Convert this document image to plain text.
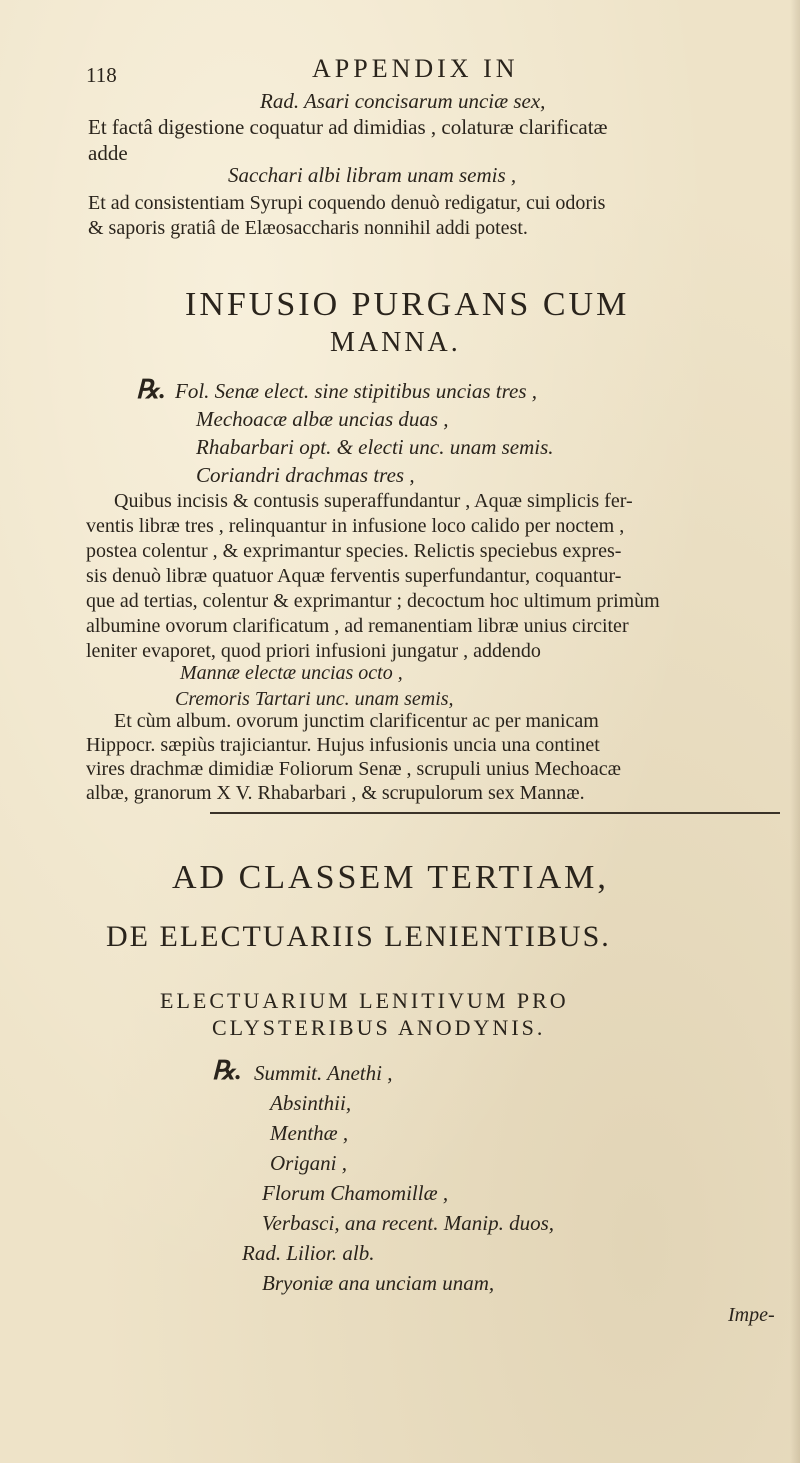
118	APPENDIX IN
Rad. Asari concisarum unciæ sex,
Et factâ digestione coquatur ad dimidias , colaturæ clarificatæ
adde
Sacchari albi libram unam semis ,
Et ad consistentiam Syrupi coquendo denuò redigatur, cui odoris
& saporis gratiâ de Elæosaccharis nonnihil addi potest.
INFUSIO PURGANS CUM
MANNA.
℞. Fol. Senæ elect. sine stipitibus uncias tres ,
Mechoacæ albæ uncias duas ,
Rhabarbari opt. & electi unc. unam semis.
Coriandri drachmas tres ,
Quibus incisis & contusis superaffundantur , Aquæ simplicis fer-
ventis libræ tres , relinquantur in infusione loco calido per noctem ,
postea colentur , & exprimantur species. Relictis speciebus expres-
sis denuò libræ quatuor Aquæ ferventis superfundantur, coquantur-
que ad tertias, colentur & exprimantur ; decoctum hoc ultimum primùm
albumine ovorum clarificatum , ad remanentiam libræ unius circiter
leniter evaporet, quod priori infusioni jungatur , addendo
Mannæ electæ uncias octo ,
Cremoris Tartari unc. unam semis,
Et cùm album. ovorum junctim clarificentur ac per manicam
Hippocr. sæpiùs trajiciantur. Hujus infusionis uncia una continet
vires drachmæ dimidiæ Foliorum Senæ , scrupuli unius Mechoacæ
albæ, granorum X V. Rhabarbari , & scrupulorum sex Mannæ.
AD CLASSEM TERTIAM,
DE ELECTUARIIS LENIENTIBUS.
ELECTUARIUM LENITIVUM PRO
CLYSTERIBUS ANODYNIS.
℞. Summit. Anethi ,
Absinthii,
Menthæ ,
Origani ,
Florum Chamomillæ ,
Verbasci, ana recent. Manip. duos,
Rad. Lilior. alb.
Bryoniæ ana unciam unam,
Impe-
